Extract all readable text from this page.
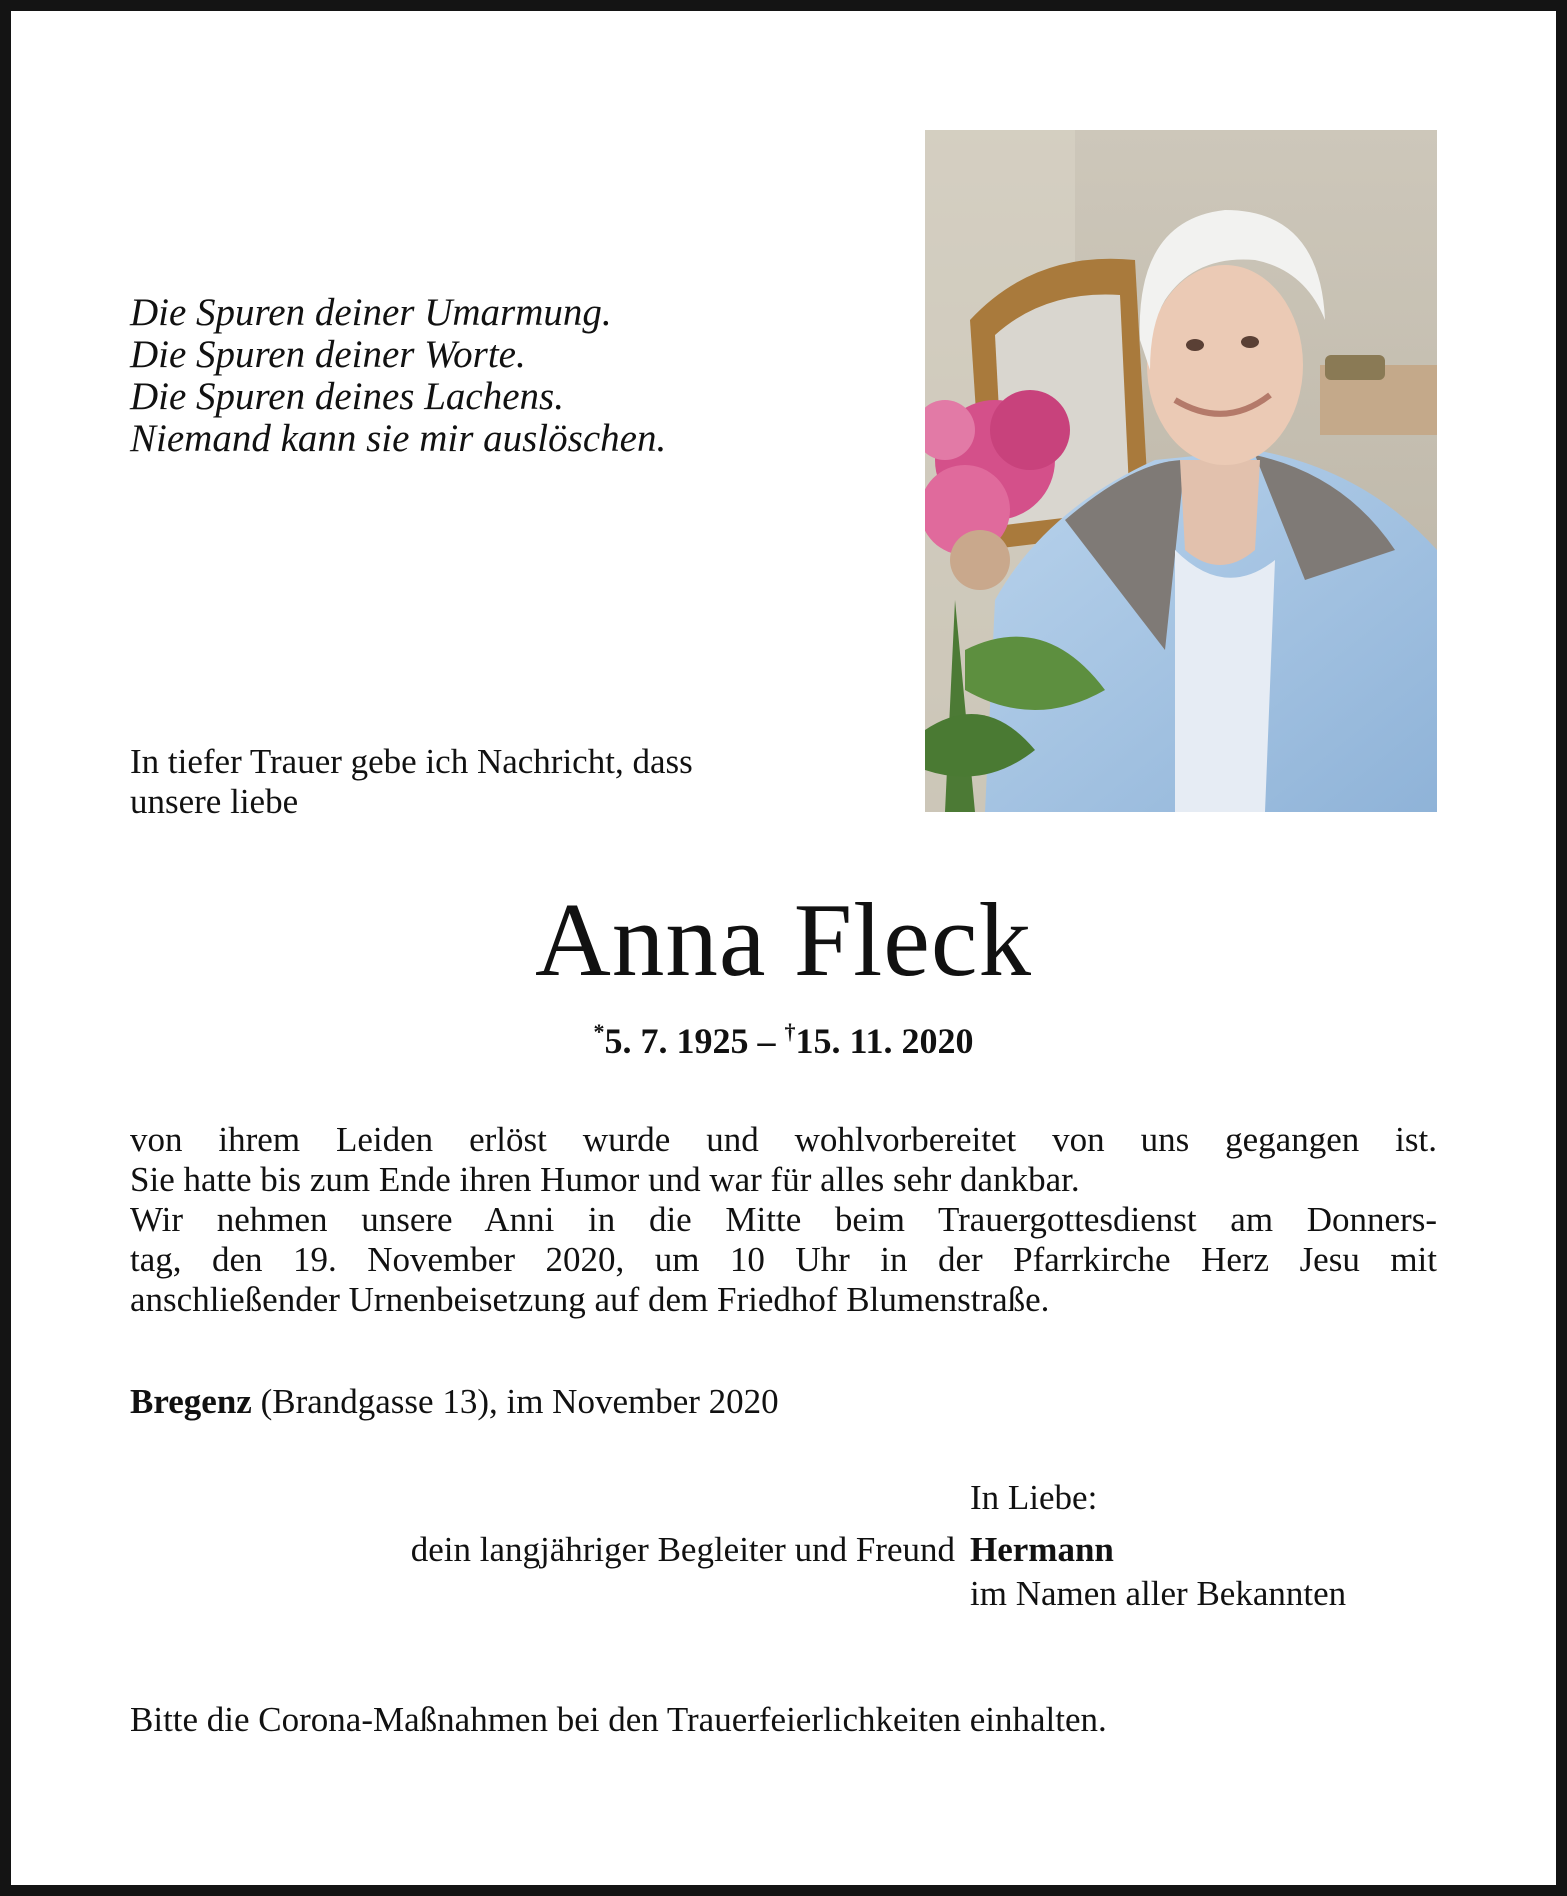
Die Spuren deiner Umarmung.
Die Spuren deiner Worte.
Die Spuren deines Lachens.
Niemand kann sie mir auslöschen.
In tiefer Trauer gebe ich Nachricht, dass
unsere liebe
Anna Fleck
*5. 7. 1925 – †15. 11. 2020
von ihrem Leiden erlöst wurde und wohlvorbereitet von uns gegangen ist.
Sie hatte bis zum Ende ihren Humor und war für alles sehr dankbar.
Wir nehmen unsere Anni in die Mitte beim Trauergottesdienst am Donners-
tag, den 19. November 2020, um 10 Uhr in der Pfarrkirche Herz Jesu mit
anschließender Urnenbeisetzung auf dem Friedhof Blumenstraße.
Bregenz (Brandgasse 13), im November 2020
In Liebe:
dein langjähriger Begleiter und Freund Hermann
im Namen aller Bekannten
Bitte die Corona-Maßnahmen bei den Trauerfeierlichkeiten einhalten.
